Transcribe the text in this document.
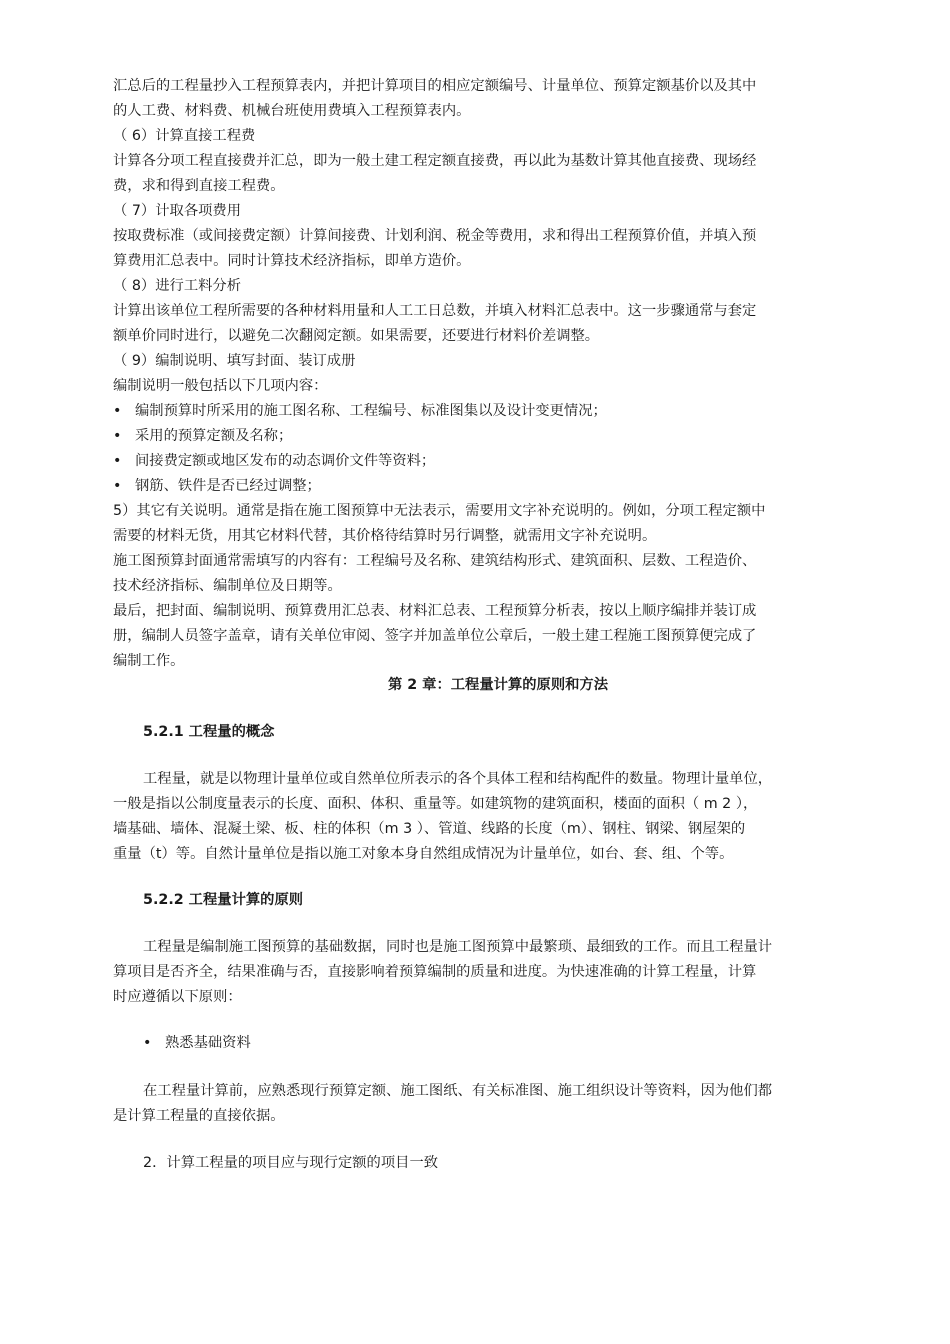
汇总后的工程量抄入工程预算表内，并把计算项目的相应定额编号、计量单位、预算定额基价以及其中
的人工费、材料费、机械台班使用费填入工程预算表内。
（ 6）计算直接工程费
计算各分项工程直接费并汇总，即为一般土建工程定额直接费，再以此为基数计算其他直接费、现场经
费，求和得到直接工程费。
（ 7）计取各项费用
按取费标准（或间接费定额）计算间接费、计划利润、税金等费用，求和得出工程预算价值，并填入预
算费用汇总表中。同时计算技术经济指标，即单方造价。
（ 8）进行工料分析
计算出该单位工程所需要的各种材料用量和人工工日总数，并填入材料汇总表中。这一步骤通常与套定
额单价同时进行，以避免二次翻阅定额。如果需要，还要进行材料价差调整。
（ 9）编制说明、填写封面、装订成册
编制说明一般包括以下几项内容：
• 编制预算时所采用的施工图名称、工程编号、标准图集以及设计变更情况；
• 采用的预算定额及名称；
• 间接费定额或地区发布的动态调价文件等资料；
• 钢筋、铁件是否已经过调整；
5）其它有关说明。通常是指在施工图预算中无法表示，需要用文字补充说明的。例如，分项工程定额中
需要的材料无货，用其它材料代替，其价格待结算时另行调整，就需用文字补充说明。
施工图预算封面通常需填写的内容有：工程编号及名称、建筑结构形式、建筑面积、层数、工程造价、
技术经济指标、编制单位及日期等。
最后，把封面、编制说明、预算费用汇总表、材料汇总表、工程预算分析表，按以上顺序编排并装订成
册，编制人员签字盖章，请有关单位审阅、签字并加盖单位公章后，一般土建工程施工图预算便完成了
编制工作。
第 2 章：工程量计算的原则和方法
5.2.1 工程量的概念
工程量，就是以物理计量单位或自然单位所表示的各个具体工程和结构配件的数量。物理计量单位，
一般是指以公制度量表示的长度、面积、体积、重量等。如建筑物的建筑面积，楼面的面积（ m 2 ），
墙基础、墙体、混凝土梁、板、柱的体积（m 3 ）、管道、线路的长度（m）、钢柱、钢梁、钢屋架的
重量（t）等。自然计量单位是指以施工对象本身自然组成情况为计量单位，如台、套、组、个等。
5.2.2 工程量计算的原则
工程量是编制施工图预算的基础数据，同时也是施工图预算中最繁琐、最细致的工作。而且工程量计
算项目是否齐全，结果准确与否，直接影响着预算编制的质量和进度。为快速准确的计算工程量，计算
时应遵循以下原则：
• 熟悉基础资料
在工程量计算前，应熟悉现行预算定额、施工图纸、有关标准图、施工组织设计等资料，因为他们都
是计算工程量的直接依据。
2．计算工程量的项目应与现行定额的项目一致
